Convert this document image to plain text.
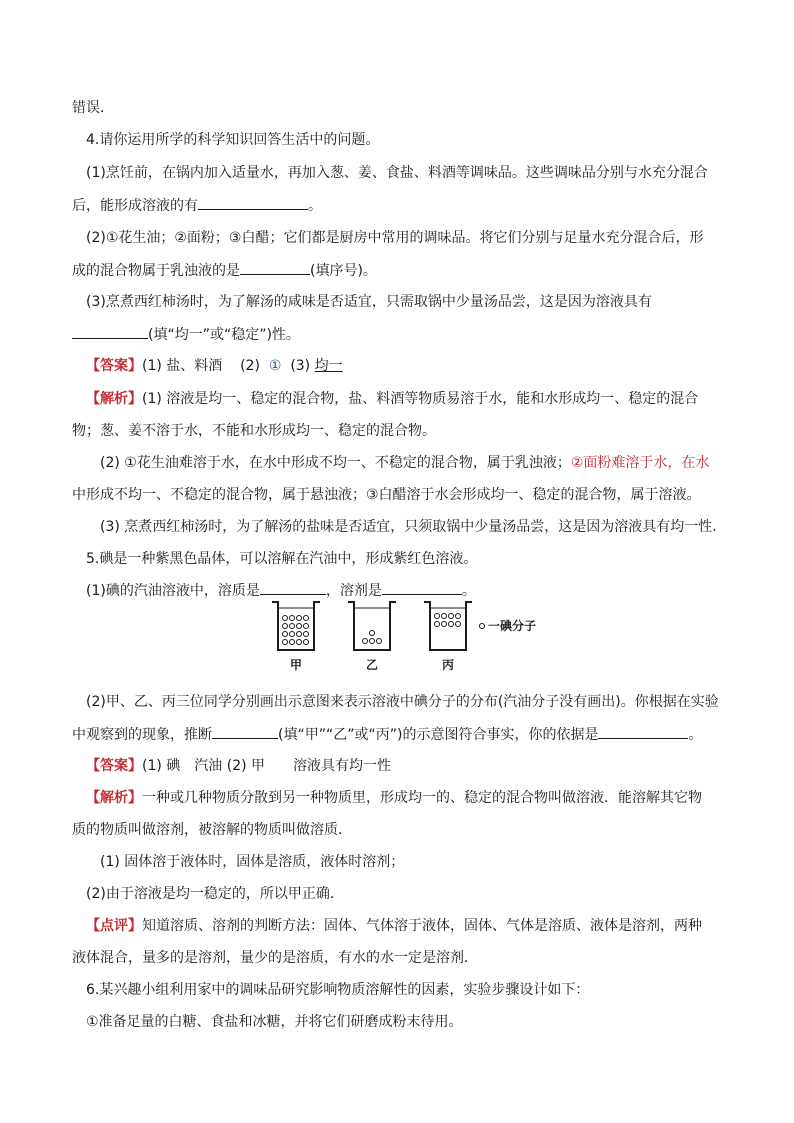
错误.
4.请你运用所学的科学知识回答生活中的问题。
(1)烹饪前，在锅内加入适量水，再加入葱、姜、食盐、料酒等调味品。这些调味品分别与水充分混合
后，能形成溶液的有	。
(2)①花生油；②面粉；③白醋；它们都是厨房中常用的调味品。将它们分别与足量水充分混合后，形
成的混合物属于乳浊液的是	(填序号)。
(3)烹煮西红柿汤时，为了解汤的咸味是否适宜，只需取锅中少量汤品尝，这是因为溶液具有
(填“均一”或“稳定”)性。
【答案】(1) 盐、料酒 (2) ① (3) 均一
【解析】(1) 溶液是均一、稳定的混合物，盐、料酒等物质易溶于水，能和水形成均一、稳定的混合
物；葱、姜不溶于水，不能和水形成均一、稳定的混合物。
(2) ①花生油难溶于水，在水中形成不均一、不稳定的混合物，属于乳浊液；②面粉难溶于水，在水
中形成不均一、不稳定的混合物，属于悬浊液；③白醋溶于水会形成均一、稳定的混合物，属于溶液。
(3) 烹煮西红柿汤时，为了解汤的盐味是否适宜，只须取锅中少量汤品尝，这是因为溶液具有均一性.
5.碘是一种紫黑色晶体，可以溶解在汽油中，形成紫红色溶液。
(1)碘的汽油溶液中，溶质是	，溶剂是	。
甲	乙	丙
一碘分子
(2)甲、乙、丙三位同学分别画出示意图来表示溶液中碘分子的分布(汽油分子没有画出)。你根据在实验
中观察到的现象，推断	(填“甲”“乙”或“丙”)的示意图符合事实，你的依据是	。
【答案】(1) 碘　汽油 (2) 甲　　溶液具有均一性
【解析】一种或几种物质分散到另一种物质里，形成均一的、稳定的混合物叫做溶液．能溶解其它物
质的物质叫做溶剂，被溶解的物质叫做溶质．
(1) 固体溶于液体时，固体是溶质，液体时溶剂；
(2)由于溶液是均一稳定的，所以甲正确．
【点评】知道溶质、溶剂的判断方法：固体、气体溶于液体，固体、气体是溶质、液体是溶剂，两种
液体混合，量多的是溶剂，量少的是溶质，有水的水一定是溶剂．
6.某兴趣小组利用家中的调味品研究影响物质溶解性的因素，实验步骤设计如下：
①准备足量的白糖、食盐和冰糖，并将它们研磨成粉末待用。
